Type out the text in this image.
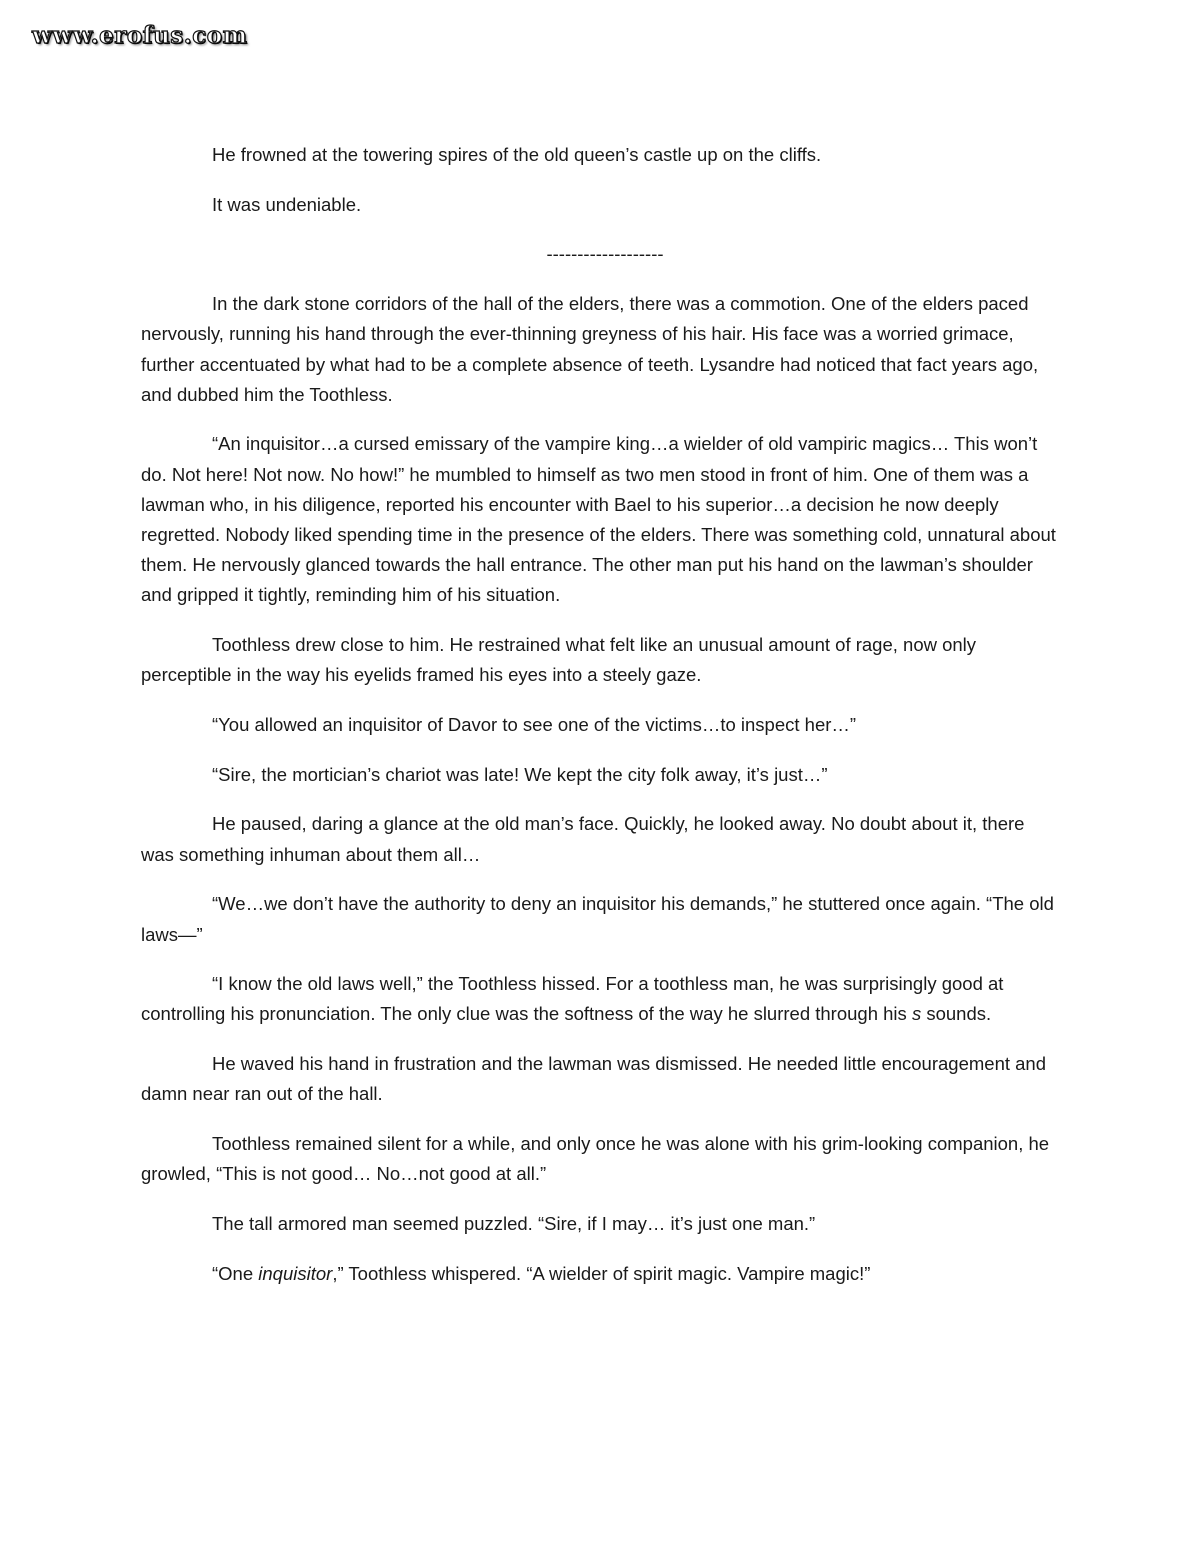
www.erofus.com

He frowned at the towering spires of the old queen’s castle up on the cliffs.

It was undeniable.

-------------------

In the dark stone corridors of the hall of the elders, there was a commotion. One of the elders paced nervously, running his hand through the ever-thinning greyness of his hair. His face was a worried grimace, further accentuated by what had to be a complete absence of teeth. Lysandre had noticed that fact years ago, and dubbed him the Toothless.

“An inquisitor…a cursed emissary of the vampire king…a wielder of old vampiric magics… This won’t do. Not here! Not now. No how!” he mumbled to himself as two men stood in front of him. One of them was a lawman who, in his diligence, reported his encounter with Bael to his superior…a decision he now deeply regretted. Nobody liked spending time in the presence of the elders. There was something cold, unnatural about them. He nervously glanced towards the hall entrance. The other man put his hand on the lawman’s shoulder and gripped it tightly, reminding him of his situation.

Toothless drew close to him. He restrained what felt like an unusual amount of rage, now only perceptible in the way his eyelids framed his eyes into a steely gaze.

“You allowed an inquisitor of Davor to see one of the victims…to inspect her…”

“Sire, the mortician’s chariot was late! We kept the city folk away, it’s just…”

He paused, daring a glance at the old man’s face. Quickly, he looked away. No doubt about it, there was something inhuman about them all…

“We…we don’t have the authority to deny an inquisitor his demands,” he stuttered once again. “The old laws—”

“I know the old laws well,” the Toothless hissed. For a toothless man, he was surprisingly good at controlling his pronunciation. The only clue was the softness of the way he slurred through his s sounds.

He waved his hand in frustration and the lawman was dismissed. He needed little encouragement and damn near ran out of the hall.

Toothless remained silent for a while, and only once he was alone with his grim-looking companion, he growled, “This is not good… No…not good at all.”

The tall armored man seemed puzzled. “Sire, if I may… it’s just one man.”

“One inquisitor,” Toothless whispered. “A wielder of spirit magic. Vampire magic!”
